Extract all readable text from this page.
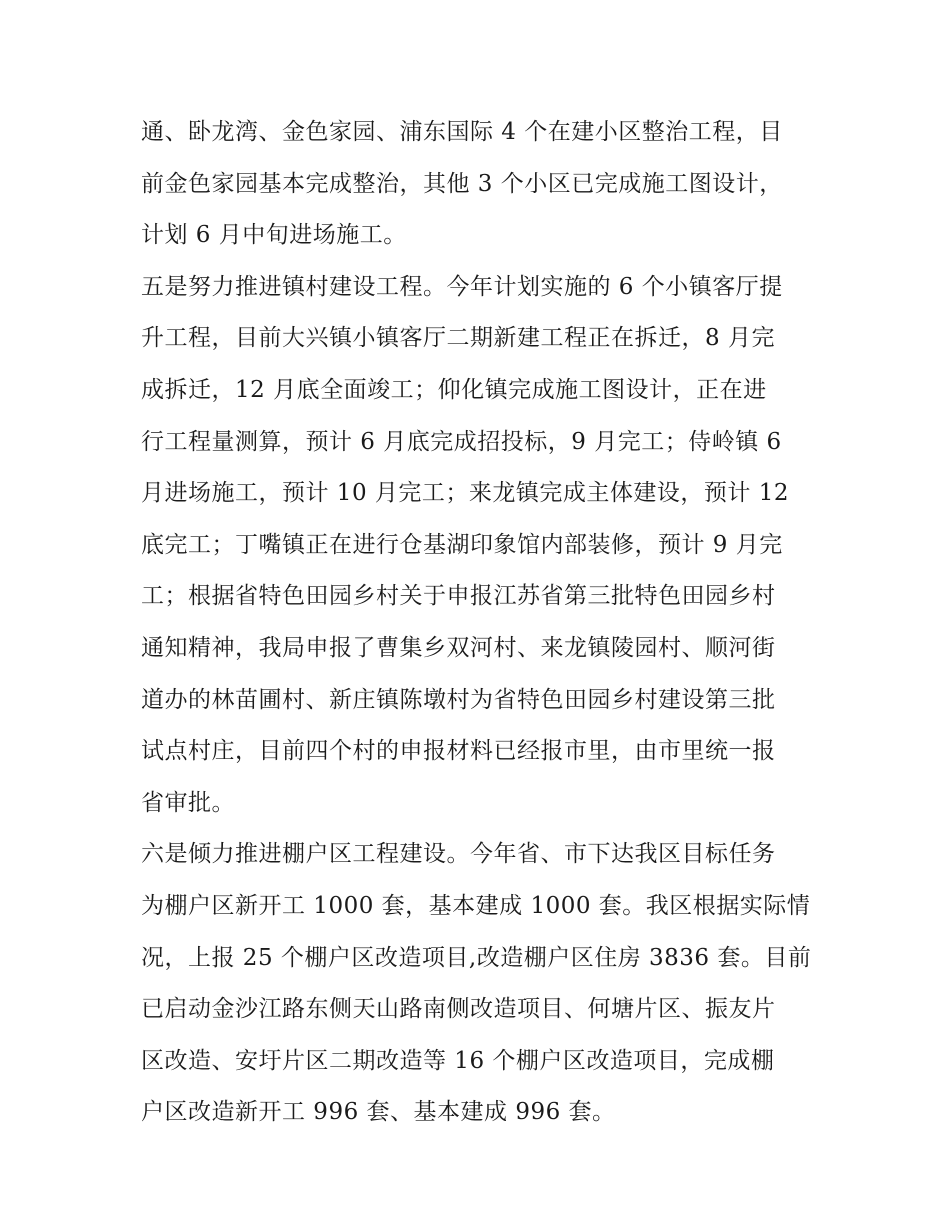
通、卧龙湾、金色家园、浦东国际 4 个在建小区整治工程，目
前金色家园基本完成整治，其他 3 个小区已完成施工图设计，
计划 6 月中旬进场施工。
五是努力推进镇村建设工程。今年计划实施的 6 个小镇客厅提
升工程，目前大兴镇小镇客厅二期新建工程正在拆迁，8 月完
成拆迁，12 月底全面竣工；仰化镇完成施工图设计，正在进
行工程量测算，预计 6 月底完成招投标，9 月完工；侍岭镇 6
月进场施工，预计 10 月完工；来龙镇完成主体建设，预计 12
底完工；丁嘴镇正在进行仓基湖印象馆内部装修，预计 9 月完
工；根据省特色田园乡村关于申报江苏省第三批特色田园乡村
通知精神，我局申报了曹集乡双河村、来龙镇陵园村、顺河街
道办的林苗圃村、新庄镇陈墩村为省特色田园乡村建设第三批
试点村庄，目前四个村的申报材料已经报市里，由市里统一报
省审批。
六是倾力推进棚户区工程建设。今年省、市下达我区目标任务
为棚户区新开工 1000 套，基本建成 1000 套。我区根据实际情
况，上报 25 个棚户区改造项目,改造棚户区住房 3836 套。目前
已启动金沙江路东侧天山路南侧改造项目、何塘片区、振友片
区改造、安圩片区二期改造等 16 个棚户区改造项目，完成棚
户区改造新开工 996 套、基本建成 996 套。
